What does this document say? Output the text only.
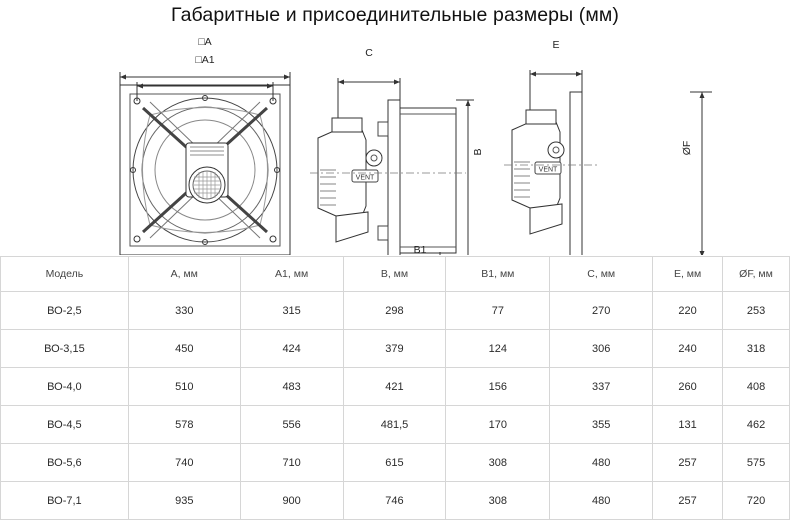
Габаритные и присоединительные размеры (мм)
VENT
VENT
□A
□A1
C
B
B1
E
ØF
Модель	A, мм	A1, мм	B, мм	B1, мм	C, мм	E, мм	ØF, мм
ВО-2,5	330	315	298	77	270	220	253
ВО-3,15	450	424	379	124	306	240	318
ВО-4,0	510	483	421	156	337	260	408
ВО-4,5	578	556	481,5	170	355	131	462
ВО-5,6	740	710	615	308	480	257	575
ВО-7,1	935	900	746	308	480	257	720
